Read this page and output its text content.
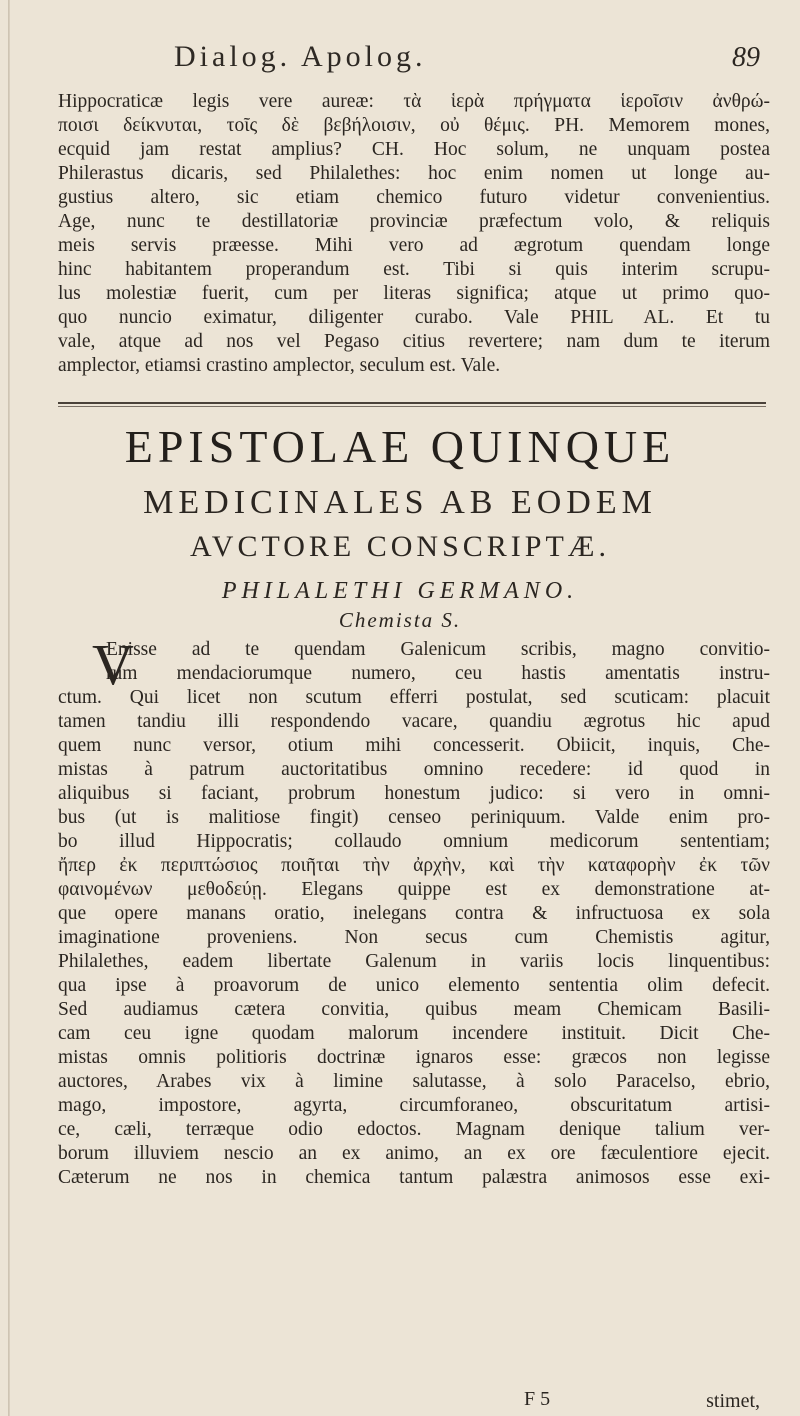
Dialog. Apolog.	89
Hippocraticæ legis vere aureæ: τὰ ἱερὰ πρήγματα ἱεροῖσιν ἀνθρώ-
ποισι δείκνυται, τοῖς δὲ βεβήλοισιν, οὐ θέμις. PH. Memorem mones,
ecquid jam restat amplius? CH. Hoc solum, ne unquam postea
Philerastus dicaris, sed Philalethes: hoc enim nomen ut longe au-
gustius altero, sic etiam chemico futuro videtur convenientius.
Age, nunc te destillatoriæ provinciæ præfectum volo, & reliquis
meis servis præesse. Mihi vero ad ægrotum quendam longe
hinc habitantem properandum est. Tibi si quis interim scrupu-
lus molestiæ fuerit, cum per literas significa; atque ut primo quo-
quo nuncio eximatur, diligenter curabo. Vale PHIL AL. Et tu
vale, atque ad nos vel Pegaso citius revertere; nam dum te iterum
amplector, etiamsi crastino amplector, seculum est. Vale.
EPISTOLAE QUINQUE
MEDICINALES AB EODEM
AVCTORE CONSCRIPTÆ.
PHILALETHI GERMANO.
Chemista S.
V
Enisse ad te quendam Galenicum scribis, magno convitio-
rum mendaciorumque numero, ceu hastis amentatis instru-
ctum. Qui licet non scutum efferri postulat, sed scuticam: placuit
tamen tandiu illi respondendo vacare, quandiu ægrotus hic apud
quem nunc versor, otium mihi concesserit. Obiicit, inquis, Che-
mistas à patrum auctoritatibus omnino recedere: id quod in
aliquibus si faciant, probrum honestum judico: si vero in omni-
bus (ut is malitiose fingit) censeo periniquum. Valde enim pro-
bo illud Hippocratis; collaudo omnium medicorum sententiam;
ἤπερ ἐκ περιπτώσιος ποιῆται τὴν ἀρχὴν, καὶ τὴν καταφορὴν ἐκ τῶν
φαινομένων μεθοδεύῃ. Elegans quippe est ex demonstratione at-
que opere manans oratio, inelegans contra & infructuosa ex sola
imaginatione proveniens. Non secus cum Chemistis agitur,
Philalethes, eadem libertate Galenum in variis locis linquentibus:
qua ipse à proavorum de unico elemento sententia olim defecit.
Sed audiamus cætera convitia, quibus meam Chemicam Basili-
cam ceu igne quodam malorum incendere instituit. Dicit Che-
mistas omnis politioris doctrinæ ignaros esse: græcos non legisse
auctores, Arabes vix à limine salutasse, à solo Paracelso, ebrio,
mago, impostore, agyrta, circumforaneo, obscuritatum artisi-
ce, cæli, terræque odio edoctos. Magnam denique talium ver-
borum illuviem nescio an ex animo, an ex ore fæculentiore ejecit.
Cæterum ne nos in chemica tantum palæstra animosos esse exi-
F 5	stimet,
